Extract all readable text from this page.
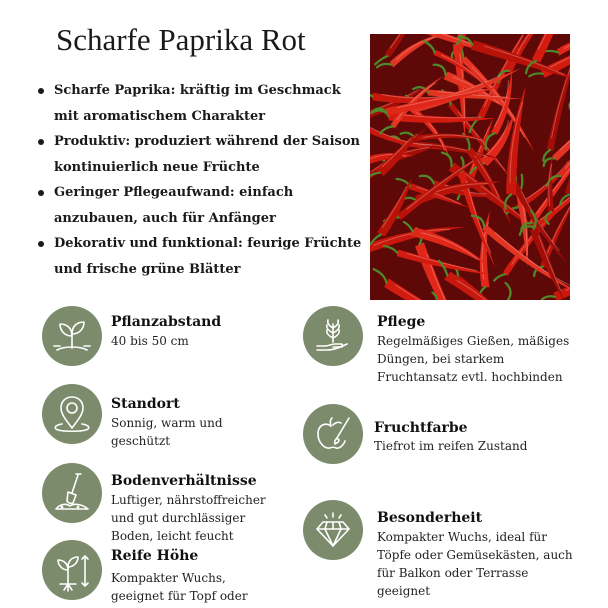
Scharfe Paprika Rot
Scharfe Paprika: kräftig im Geschmack mit aromatischem Charakter
Produktiv: produziert während der Saison kontinuierlich neue Früchte
Geringer Pflegeaufwand: einfach anzubauen, auch für Anfänger
Dekorativ und funktional: feurige Früchte und frische grüne Blätter
Pflanzabstand
40 bis 50 cm
Pflege
Regelmäßiges Gießen, mäßiges Düngen, bei starkem Fruchtansatz evtl. hochbinden
Standort
Sonnig, warm und geschützt
Fruchtfarbe
Tiefrot im reifen Zustand
Bodenverhältnisse
Luftiger, nährstoffreicher und gut durchlässiger Boden, leicht feucht
Besonderheit
Kompakter Wuchs, ideal für Töpfe oder Gemüsekästen, auch für Balkon oder Terrasse geeignet
Reife Höhe
Kompakter Wuchs, geeignet für Topf oder
